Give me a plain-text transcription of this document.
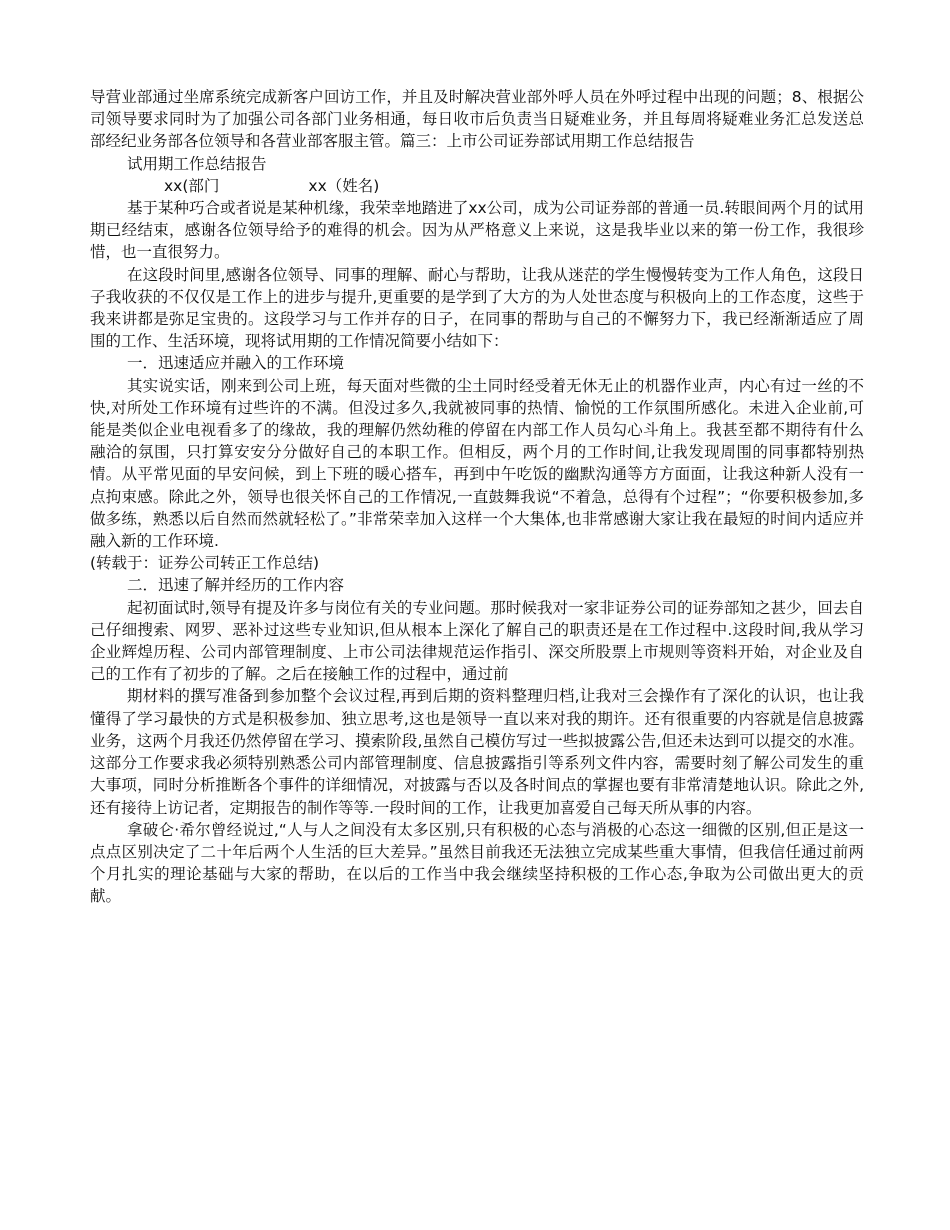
导营业部通过坐席系统完成新客户回访工作，并且及时解决营业部外呼人员在外呼过程中出现的问题；8、根据公司领导要求同时为了加强公司各部门业务相通，每日收市后负责当日疑难业务，并且每周将疑难业务汇总发送总部经纪业务部各位领导和各营业部客服主管。篇三：上市公司证券部试用期工作总结报告

试用期工作总结报告

xx(部门	xx（姓名)

基于某种巧合或者说是某种机缘，我荣幸地踏进了xx公司，成为公司证券部的普通一员.转眼间两个月的试用期已经结束，感谢各位领导给予的难得的机会。因为从严格意义上来说，这是我毕业以来的第一份工作，我很珍惜，也一直很努力。

在这段时间里,感谢各位领导、同事的理解、耐心与帮助，让我从迷茫的学生慢慢转变为工作人角色，这段日子我收获的不仅仅是工作上的进步与提升,更重要的是学到了大方的为人处世态度与积极向上的工作态度，这些于我来讲都是弥足宝贵的。这段学习与工作并存的日子，在同事的帮助与自己的不懈努力下，我已经渐渐适应了周围的工作、生活环境，现将试用期的工作情况简要小结如下：

一．迅速适应并融入的工作环境

其实说实话，刚来到公司上班，每天面对些微的尘土同时经受着无休无止的机器作业声，内心有过一丝的不快,对所处工作环境有过些许的不满。但没过多久,我就被同事的热情、愉悦的工作氛围所感化。未进入企业前,可能是类似企业电视看多了的缘故，我的理解仍然幼稚的停留在内部工作人员勾心斗角上。我甚至都不期待有什么融洽的氛围，只打算安安分分做好自己的本职工作。但相反，两个月的工作时间,让我发现周围的同事都特别热情。从平常见面的早安问候，到上下班的暖心搭车，再到中午吃饭的幽默沟通等方方面面，让我这种新人没有一点拘束感。除此之外，领导也很关怀自己的工作情况,一直鼓舞我说“不着急，总得有个过程”；“你要积极参加,多做多练，熟悉以后自然而然就轻松了。”非常荣幸加入这样一个大集体,也非常感谢大家让我在最短的时间内适应并融入新的工作环境.

(转载于：证券公司转正工作总结)

二．迅速了解并经历的工作内容

起初面试时,领导有提及许多与岗位有关的专业问题。那时候我对一家非证券公司的证券部知之甚少，回去自己仔细搜索、网罗、恶补过这些专业知识,但从根本上深化了解自己的职责还是在工作过程中.这段时间,我从学习企业辉煌历程、公司内部管理制度、上市公司法律规范运作指引、深交所股票上市规则等资料开始，对企业及自己的工作有了初步的了解。之后在接触工作的过程中，通过前

期材料的撰写准备到参加整个会议过程,再到后期的资料整理归档,让我对三会操作有了深化的认识，也让我懂得了学习最快的方式是积极参加、独立思考,这也是领导一直以来对我的期许。还有很重要的内容就是信息披露业务，这两个月我还仍然停留在学习、摸索阶段,虽然自己模仿写过一些拟披露公告,但还未达到可以提交的水准。这部分工作要求我必须特别熟悉公司内部管理制度、信息披露指引等系列文件内容，需要时刻了解公司发生的重大事项，同时分析推断各个事件的详细情况，对披露与否以及各时间点的掌握也要有非常清楚地认识。除此之外,还有接待上访记者，定期报告的制作等等.一段时间的工作，让我更加喜爱自己每天所从事的内容。

拿破仑·希尔曾经说过,“人与人之间没有太多区别,只有积极的心态与消极的心态这一细微的区别,但正是这一点点区别决定了二十年后两个人生活的巨大差异。”虽然目前我还无法独立完成某些重大事情，但我信任通过前两个月扎实的理论基础与大家的帮助，在以后的工作当中我会继续坚持积极的工作心态,争取为公司做出更大的贡献。
